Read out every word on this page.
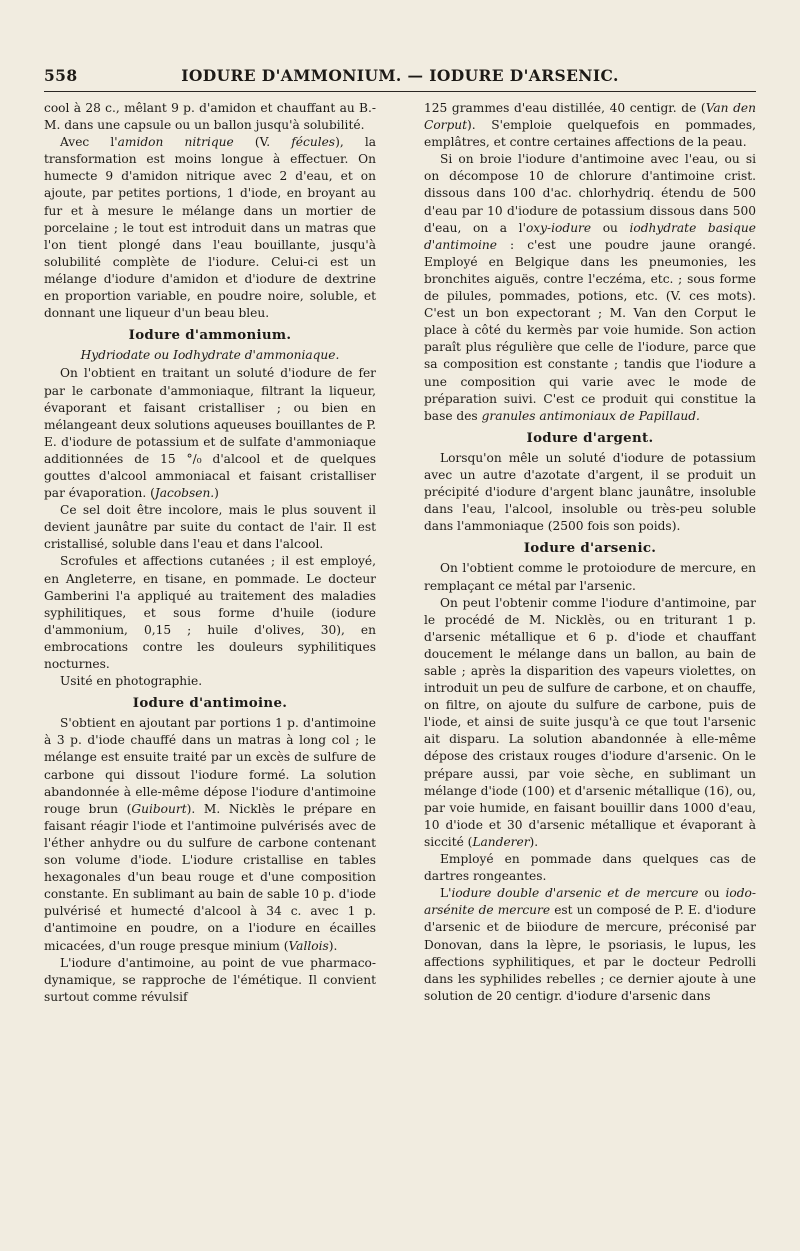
558	IODURE D'AMMONIUM. — IODURE D'ARSENIC.

cool à 28 c., mêlant 9 p. d'amidon et chauffant au B.-M. dans une capsule ou un ballon jusqu'à solubilité.

Avec l'amidon nitrique (V. fécules), la transformation est moins longue à effectuer. On humecte 9 d'amidon nitrique avec 2 d'eau, et on ajoute, par petites portions, 1 d'iode, en broyant au fur et à mesure le mélange dans un mortier de porcelaine ; le tout est introduit dans un matras que l'on tient plongé dans l'eau bouillante, jusqu'à solubilité complète de l'iodure. Celui-ci est un mélange d'iodure d'amidon et d'iodure de dextrine en proportion variable, en poudre noire, soluble, et donnant une liqueur d'un beau bleu.

Iodure d'ammonium.

Hydriodate ou Iodhydrate d'ammoniaque.

On l'obtient en traitant un soluté d'iodure de fer par le carbonate d'ammoniaque, filtrant la liqueur, évaporant et faisant cristalliser ; ou bien en mélangeant deux solutions aqueuses bouillantes de P. E. d'iodure de potassium et de sulfate d'ammoniaque additionnées de 15 °/₀ d'alcool et de quelques gouttes d'alcool ammoniacal et faisant cristalliser par évaporation. (Jacobsen.)

Ce sel doit être incolore, mais le plus souvent il devient jaunâtre par suite du contact de l'air. Il est cristallisé, soluble dans l'eau et dans l'alcool.

Scrofules et affections cutanées ; il est employé, en Angleterre, en tisane, en pommade. Le docteur Gamberini l'a appliqué au traitement des maladies syphilitiques, et sous forme d'huile (iodure d'ammonium, 0,15 ; huile d'olives, 30), en embrocations contre les douleurs syphilitiques nocturnes.

Usité en photographie.

Iodure d'antimoine.

S'obtient en ajoutant par portions 1 p. d'antimoine à 3 p. d'iode chauffé dans un matras à long col ; le mélange est ensuite traité par un excès de sulfure de carbone qui dissout l'iodure formé. La solution abandonnée à elle-même dépose l'iodure d'antimoine rouge brun (Guibourt). M. Nicklès le prépare en faisant réagir l'iode et l'antimoine pulvérisés avec de l'éther anhydre ou du sulfure de carbone contenant son volume d'iode. L'iodure cristallise en tables hexagonales d'un beau rouge et d'une composition constante. En sublimant au bain de sable 10 p. d'iode pulvérisé et humecté d'alcool à 34 c. avec 1 p. d'antimoine en poudre, on a l'iodure en écailles micacées, d'un rouge presque minium (Vallois).

L'iodure d'antimoine, au point de vue pharmaco-dynamique, se rapproche de l'émétique. Il convient surtout comme révulsif

125 grammes d'eau distillée, 40 centigr. de (Van den Corput). S'emploie quelquefois en pommades, emplâtres, et contre certaines affections de la peau.

Si on broie l'iodure d'antimoine avec l'eau, ou si on décompose 10 de chlorure d'antimoine crist. dissous dans 100 d'ac. chlorhydriq. étendu de 500 d'eau par 10 d'iodure de potassium dissous dans 500 d'eau, on a l'oxy-iodure ou iodhydrate basique d'antimoine : c'est une poudre jaune orangé. Employé en Belgique dans les pneumonies, les bronchites aiguës, contre l'eczéma, etc. ; sous forme de pilules, pommades, potions, etc. (V. ces mots). C'est un bon expectorant ; M. Van den Corput le place à côté du kermès par voie humide. Son action paraît plus régulière que celle de l'iodure, parce que sa composition est constante ; tandis que l'iodure a une composition qui varie avec le mode de préparation suivi. C'est ce produit qui constitue la base des granules antimoniaux de Papillaud.

Iodure d'argent.

Lorsqu'on mêle un soluté d'iodure de potassium avec un autre d'azotate d'argent, il se produit un précipité d'iodure d'argent blanc jaunâtre, insoluble dans l'eau, l'alcool, insoluble ou très-peu soluble dans l'ammoniaque (2500 fois son poids).

Iodure d'arsenic.

On l'obtient comme le protoiodure de mercure, en remplaçant ce métal par l'arsenic.

On peut l'obtenir comme l'iodure d'antimoine, par le procédé de M. Nicklès, ou en triturant 1 p. d'arsenic métallique et 6 p. d'iode et chauffant doucement le mélange dans un ballon, au bain de sable ; après la disparition des vapeurs violettes, on introduit un peu de sulfure de carbone, et on chauffe, on filtre, on ajoute du sulfure de carbone, puis de l'iode, et ainsi de suite jusqu'à ce que tout l'arsenic ait disparu. La solution abandonnée à elle-même dépose des cristaux rouges d'iodure d'arsenic. On le prépare aussi, par voie sèche, en sublimant un mélange d'iode (100) et d'arsenic métallique (16), ou, par voie humide, en faisant bouillir dans 1000 d'eau, 10 d'iode et 30 d'arsenic métallique et évaporant à siccité (Landerer).

Employé en pommade dans quelques cas de dartres rongeantes.

L'iodure double d'arsenic et de mercure ou iodo-arsénite de mercure est un composé de P. E. d'iodure d'arsenic et de biiodure de mercure, préconisé par Donovan, dans la lèpre, le psoriasis, le lupus, les affections syphilitiques, et par le docteur Pedrolli dans les syphilides rebelles ; ce dernier ajoute à une solution de 20 centigr. d'iodure d'arsenic dans
